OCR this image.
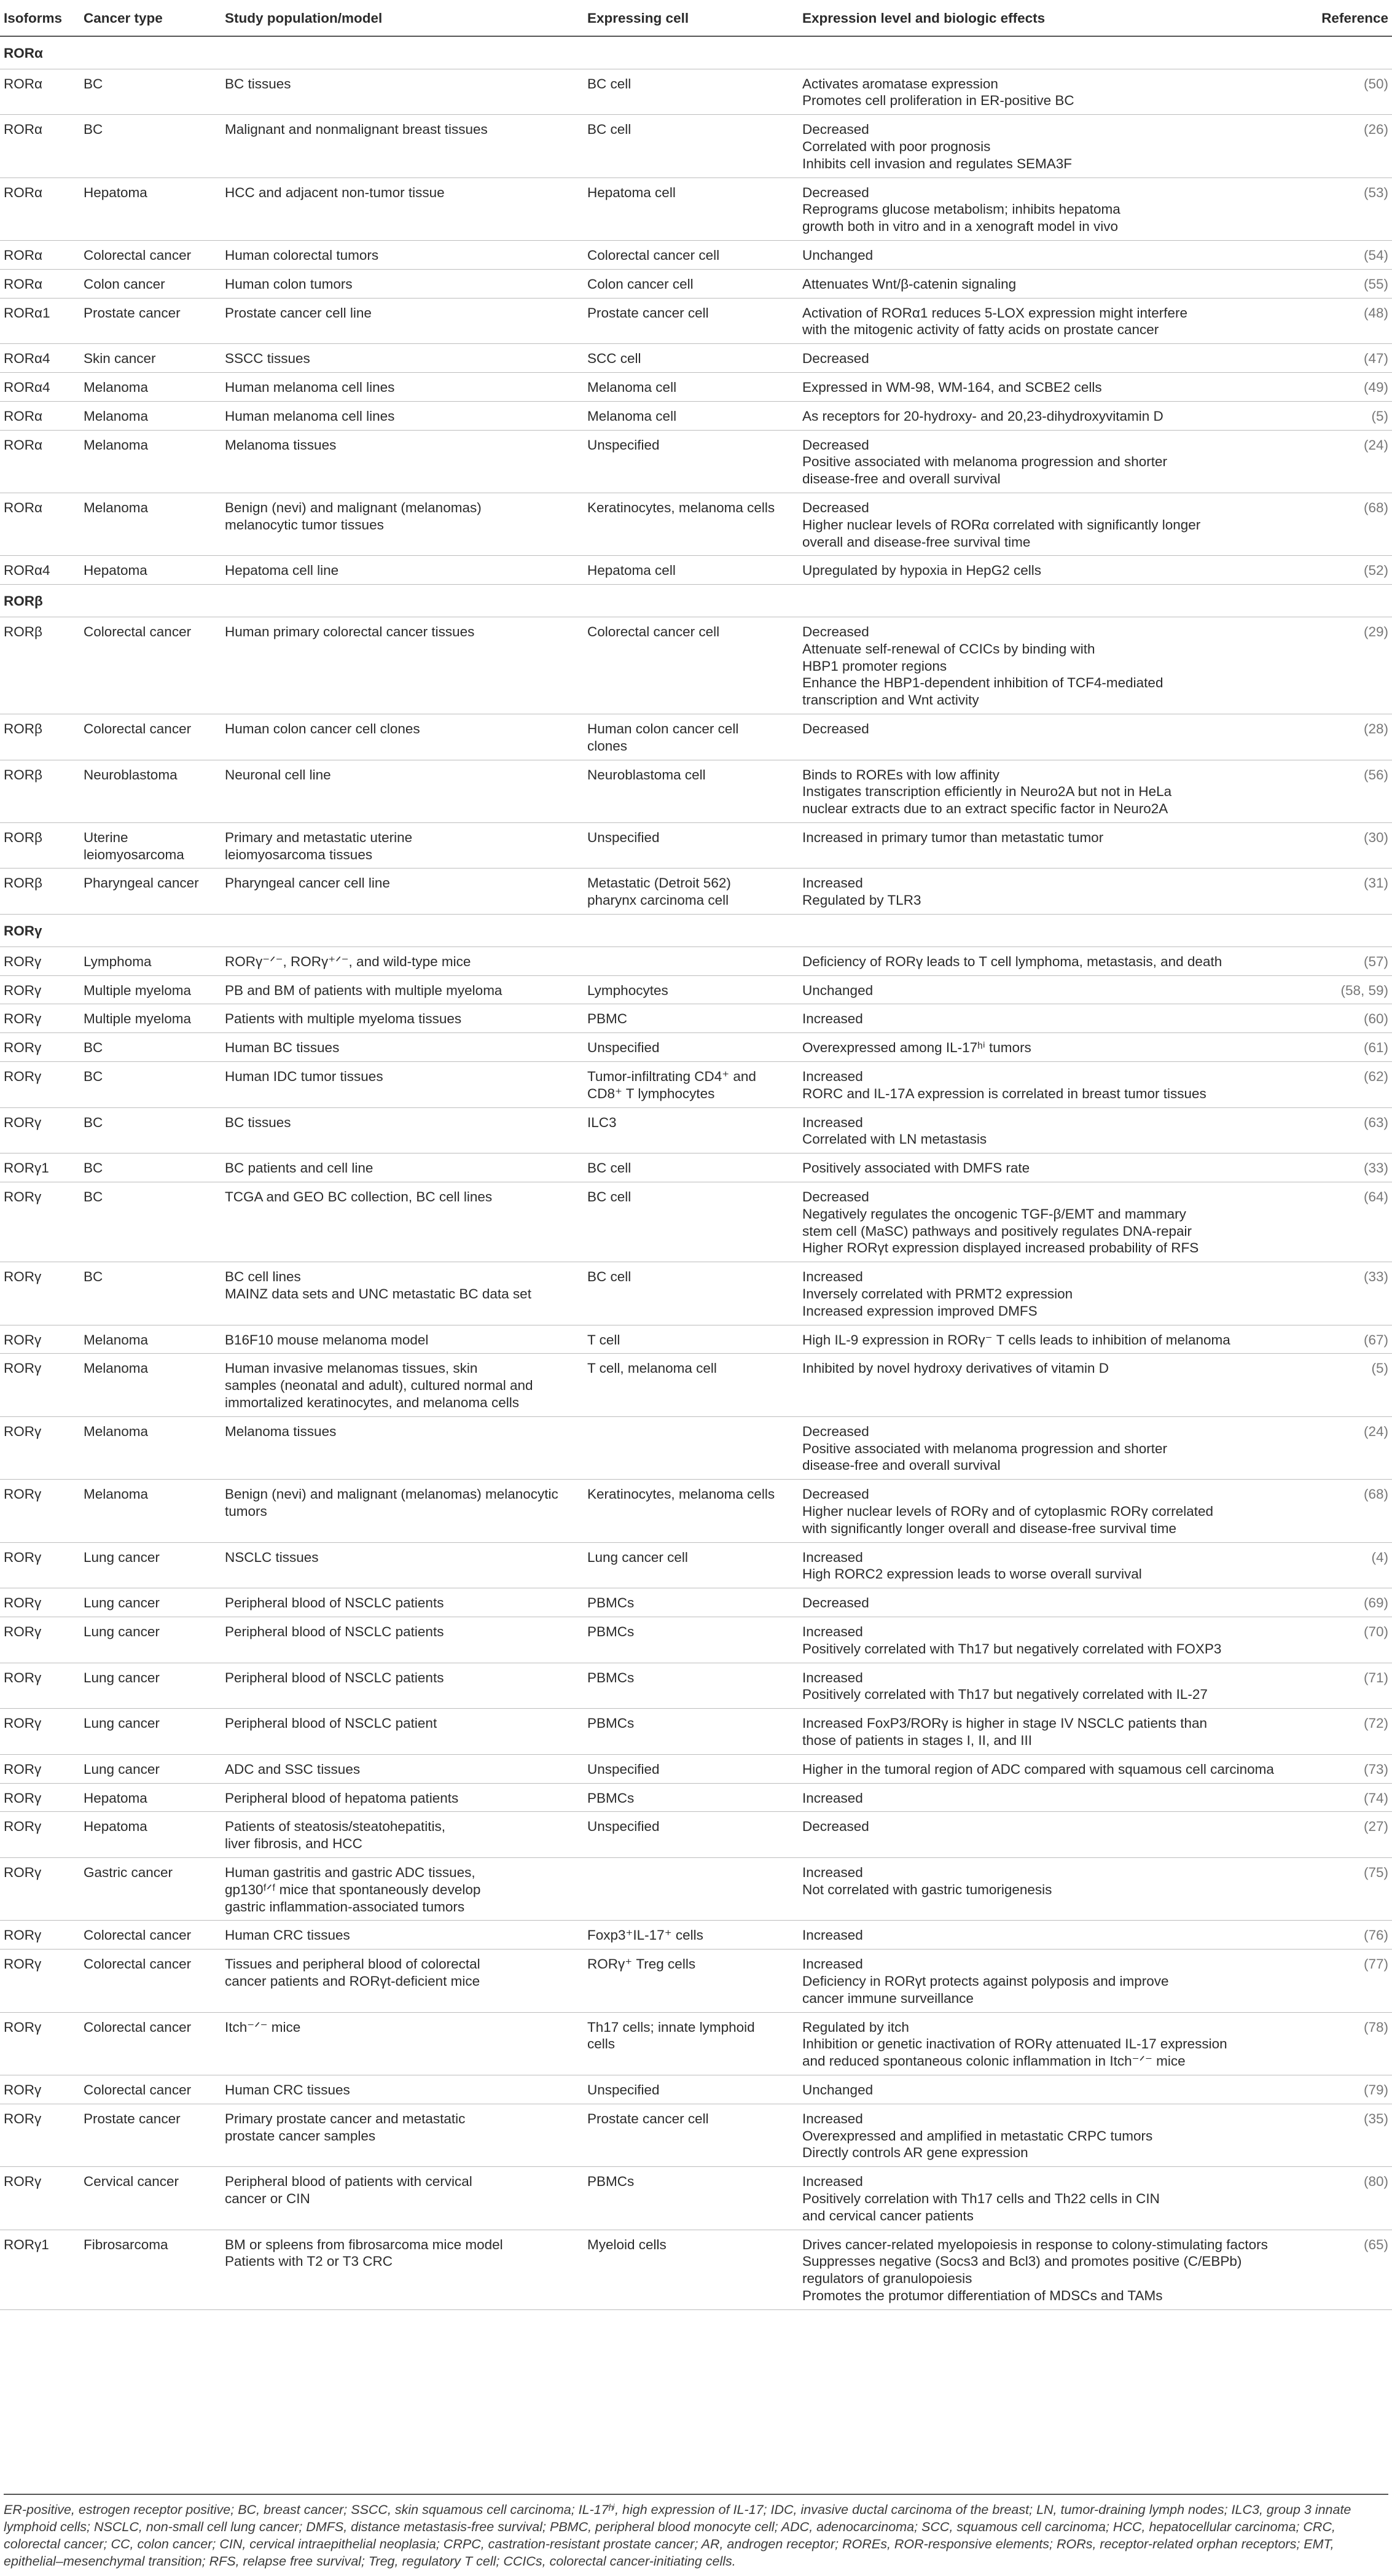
Isoforms	Cancer type	Study population/model	Expressing cell	Expression level and biologic effects	Reference
RORα					
RORα	BC	BC tissues	BC cell	Activates aromatase expression
Promotes cell proliferation in ER-positive BC	(50)
RORα	BC	Malignant and nonmalignant breast tissues	BC cell	Decreased
Correlated with poor prognosis
Inhibits cell invasion and regulates SEMA3F	(26)
RORα	Hepatoma	HCC and adjacent non-tumor tissue	Hepatoma cell	Decreased
Reprograms glucose metabolism; inhibits hepatoma
growth both in vitro and in a xenograft model in vivo	(53)
RORα	Colorectal cancer	Human colorectal tumors	Colorectal cancer cell	Unchanged	(54)
RORα	Colon cancer	Human colon tumors	Colon cancer cell	Attenuates Wnt/β-catenin signaling	(55)
RORα1	Prostate cancer	Prostate cancer cell line	Prostate cancer cell	Activation of RORα1 reduces 5-LOX expression might interfere
with the mitogenic activity of fatty acids on prostate cancer	(48)
RORα4	Skin cancer	SSCC tissues	SCC cell	Decreased	(47)
RORα4	Melanoma	Human melanoma cell lines	Melanoma cell	Expressed in WM-98, WM-164, and SCBE2 cells	(49)
RORα	Melanoma	Human melanoma cell lines	Melanoma cell	As receptors for 20-hydroxy- and 20,23-dihydroxyvitamin D	(5)
RORα	Melanoma	Melanoma tissues	Unspecified	Decreased
Positive associated with melanoma progression and shorter
disease-free and overall survival	(24)
RORα	Melanoma	Benign (nevi) and malignant (melanomas)
melanocytic tumor tissues	Keratinocytes, melanoma cells	Decreased
Higher nuclear levels of RORα correlated with significantly longer
overall and disease-free survival time	(68)
RORα4	Hepatoma	Hepatoma cell line	Hepatoma cell	Upregulated by hypoxia in HepG2 cells	(52)
RORβ					
RORβ	Colorectal cancer	Human primary colorectal cancer tissues	Colorectal cancer cell	Decreased
Attenuate self-renewal of CCICs by binding with
HBP1 promoter regions
Enhance the HBP1-dependent inhibition of TCF4-mediated
transcription and Wnt activity	(29)
RORβ	Colorectal cancer	Human colon cancer cell clones	Human colon cancer cell
clones	Decreased	(28)
RORβ	Neuroblastoma	Neuronal cell line	Neuroblastoma cell	Binds to ROREs with low affinity
Instigates transcription efficiently in Neuro2A but not in HeLa
nuclear extracts due to an extract specific factor in Neuro2A	(56)
RORβ	Uterine leiomyosarcoma	Primary and metastatic uterine
leiomyosarcoma tissues	Unspecified	Increased in primary tumor than metastatic tumor	(30)
RORβ	Pharyngeal cancer	Pharyngeal cancer cell line	Metastatic (Detroit 562)
pharynx carcinoma cell	Increased
Regulated by TLR3	(31)
RORγ					
RORγ	Lymphoma	RORγ⁻ᐟ⁻, RORγ⁺ᐟ⁻, and wild-type mice		Deficiency of RORγ leads to T cell lymphoma, metastasis, and death	(57)
RORγ	Multiple myeloma	PB and BM of patients with multiple myeloma	Lymphocytes	Unchanged	(58, 59)
RORγ	Multiple myeloma	Patients with multiple myeloma tissues	PBMC	Increased	(60)
RORγ	BC	Human BC tissues	Unspecified	Overexpressed among IL-17ʰⁱ tumors	(61)
RORγ	BC	Human IDC tumor tissues	Tumor-infiltrating CD4⁺ and
CD8⁺ T lymphocytes	Increased
RORC and IL-17A expression is correlated in breast tumor tissues	(62)
RORγ	BC	BC tissues	ILC3	Increased
Correlated with LN metastasis	(63)
RORγ1	BC	BC patients and cell line	BC cell	Positively associated with DMFS rate	(33)
RORγ	BC	TCGA and GEO BC collection, BC cell lines	BC cell	Decreased
Negatively regulates the oncogenic TGF-β/EMT and mammary
stem cell (MaSC) pathways and positively regulates DNA-repair
Higher RORγt expression displayed increased probability of RFS	(64)
RORγ	BC	BC cell lines
MAINZ data sets and UNC metastatic BC data set	BC cell	Increased
Inversely correlated with PRMT2 expression
Increased expression improved DMFS	(33)
RORγ	Melanoma	B16F10 mouse melanoma model	T cell	High IL-9 expression in RORγ⁻ T cells leads to inhibition of melanoma	(67)
RORγ	Melanoma	Human invasive melanomas tissues, skin
samples (neonatal and adult), cultured normal and
immortalized keratinocytes, and melanoma cells	T cell, melanoma cell	Inhibited by novel hydroxy derivatives of vitamin D	(5)
RORγ	Melanoma	Melanoma tissues		Decreased
Positive associated with melanoma progression and shorter
disease-free and overall survival	(24)
RORγ	Melanoma	Benign (nevi) and malignant (melanomas) melanocytic
tumors	Keratinocytes, melanoma cells	Decreased
Higher nuclear levels of RORγ and of cytoplasmic RORγ correlated
with significantly longer overall and disease-free survival time	(68)
RORγ	Lung cancer	NSCLC tissues	Lung cancer cell	Increased
High RORC2 expression leads to worse overall survival	(4)
RORγ	Lung cancer	Peripheral blood of NSCLC patients	PBMCs	Decreased	(69)
RORγ	Lung cancer	Peripheral blood of NSCLC patients	PBMCs	Increased
Positively correlated with Th17 but negatively correlated with FOXP3	(70)
RORγ	Lung cancer	Peripheral blood of NSCLC patients	PBMCs	Increased
Positively correlated with Th17 but negatively correlated with IL-27	(71)
RORγ	Lung cancer	Peripheral blood of NSCLC patient	PBMCs	Increased FoxP3/RORγ is higher in stage IV NSCLC patients than
those of patients in stages I, II, and III	(72)
RORγ	Lung cancer	ADC and SSC tissues	Unspecified	Higher in the tumoral region of ADC compared with squamous cell carcinoma	(73)
RORγ	Hepatoma	Peripheral blood of hepatoma patients	PBMCs	Increased	(74)
RORγ	Hepatoma	Patients of steatosis/steatohepatitis,
liver fibrosis, and HCC	Unspecified	Decreased	(27)
RORγ	Gastric cancer	Human gastritis and gastric ADC tissues,
gp130ᶠᐟᶠ mice that spontaneously develop
gastric inflammation-associated tumors		Increased
Not correlated with gastric tumorigenesis	(75)
RORγ	Colorectal cancer	Human CRC tissues	Foxp3⁺IL-17⁺ cells	Increased	(76)
RORγ	Colorectal cancer	Tissues and peripheral blood of colorectal
cancer patients and RORγt-deficient mice	RORγ⁺ Treg cells	Increased
Deficiency in RORγt protects against polyposis and improve
cancer immune surveillance	(77)
RORγ	Colorectal cancer	Itch⁻ᐟ⁻ mice	Th17 cells; innate lymphoid
cells	Regulated by itch
Inhibition or genetic inactivation of RORγ attenuated IL-17 expression
and reduced spontaneous colonic inflammation in Itch⁻ᐟ⁻ mice	(78)
RORγ	Colorectal cancer	Human CRC tissues	Unspecified	Unchanged	(79)
RORγ	Prostate cancer	Primary prostate cancer and metastatic
prostate cancer samples	Prostate cancer cell	Increased
Overexpressed and amplified in metastatic CRPC tumors
Directly controls AR gene expression	(35)
RORγ	Cervical cancer	Peripheral blood of patients with cervical
cancer or CIN	PBMCs	Increased
Positively correlation with Th17 cells and Th22 cells in CIN
and cervical cancer patients	(80)
RORγ1	Fibrosarcoma	BM or spleens from fibrosarcoma mice model
Patients with T2 or T3 CRC	Myeloid cells	Drives cancer-related myelopoiesis in response to colony-stimulating factors
Suppresses negative (Socs3 and Bcl3) and promotes positive (C/EBPb)
regulators of granulopoiesis
Promotes the protumor differentiation of MDSCs and TAMs	(65)
ER-positive, estrogen receptor positive; BC, breast cancer; SSCC, skin squamous cell carcinoma; IL-17ʰⁱ, high expression of IL-17; IDC, invasive ductal carcinoma of the breast; LN, tumor-draining lymph nodes; ILC3, group 3 innate lymphoid cells; NSCLC, non-small cell lung cancer; DMFS, distance metastasis-free survival; PBMC, peripheral blood monocyte cell; ADC, adenocarcinoma; SCC, squamous cell carcinoma; HCC, hepatocellular carcinoma; CRC, colorectal cancer; CC, colon cancer; CIN, cervical intraepithelial neoplasia; CRPC, castration-resistant prostate cancer; AR, androgen receptor; ROREs, ROR-responsive elements; RORs, receptor-related orphan receptors; EMT, epithelial–mesenchymal transition; RFS, relapse free survival; Treg, regulatory T cell; CCICs, colorectal cancer-initiating cells.
